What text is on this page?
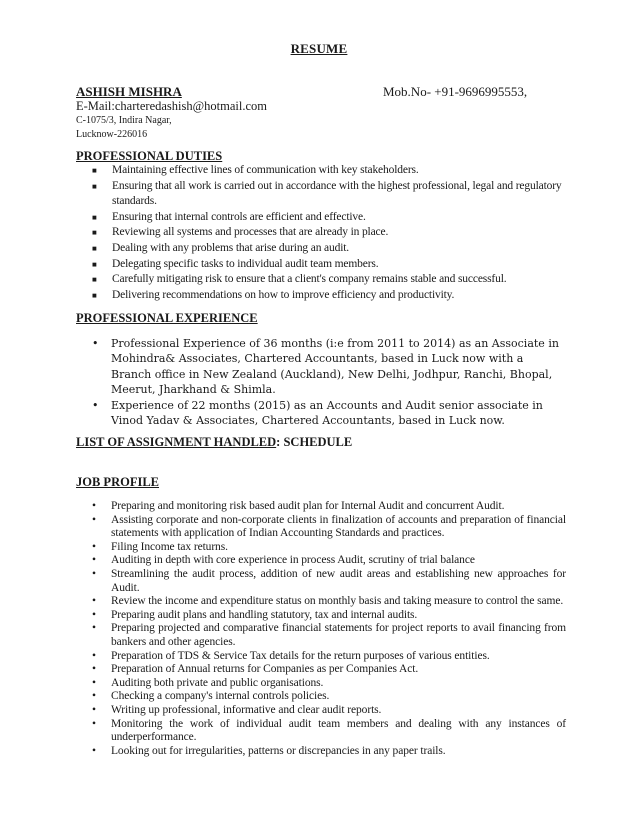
RESUME
ASHISH MISHRA	Mob.No- +91-9696995553,
E-Mail:charteredashish@hotmail.com
C-1075/3, Indira Nagar,
Lucknow-226016
PROFESSIONAL DUTIES
■ Maintaining effective lines of communication with key stakeholders.
■ Ensuring that all work is carried out in accordance with the highest professional, legal and regulatory standards.
■ Ensuring that internal controls are efficient and effective.
■ Reviewing all systems and processes that are already in place.
■ Dealing with any problems that arise during an audit.
■ Delegating specific tasks to individual audit team members.
■ Carefully mitigating risk to ensure that a client's company remains stable and successful.
■ Delivering recommendations on how to improve efficiency and productivity.
PROFESSIONAL EXPERIENCE
• Professional Experience of 36 months (i:e from 2011 to 2014) as an Associate in Mohindra& Associates, Chartered Accountants, based in Luck now with a Branch office in New Zealand (Auckland), New Delhi, Jodhpur, Ranchi, Bhopal, Meerut, Jharkhand & Shimla.
• Experience of 22 months (2015) as an Accounts and Audit senior associate in Vinod Yadav & Associates, Chartered Accountants, based in Luck now.
LIST OF ASSIGNMENT HANDLED: SCHEDULE
JOB PROFILE
• Preparing and monitoring risk based audit plan for Internal Audit and concurrent Audit.
• Assisting corporate and non-corporate clients in finalization of accounts and preparation of financial statements with application of Indian Accounting Standards and practices.
• Filing Income tax returns.
• Auditing in depth with core experience in process Audit, scrutiny of trial balance
• Streamlining the audit process, addition of new audit areas and establishing new approaches for Audit.
• Review the income and expenditure status on monthly basis and taking measure to control the same.
• Preparing audit plans and handling statutory, tax and internal audits.
• Preparing projected and comparative financial statements for project reports to avail financing from bankers and other agencies.
• Preparation of TDS & Service Tax details for the return purposes of various entities.
• Preparation of Annual returns for Companies as per Companies Act.
• Auditing both private and public organisations.
• Checking a company's internal controls policies.
• Writing up professional, informative and clear audit reports.
• Monitoring the work of individual audit team members and dealing with any instances of underperformance.
• Looking out for irregularities, patterns or discrepancies in any paper trails.
